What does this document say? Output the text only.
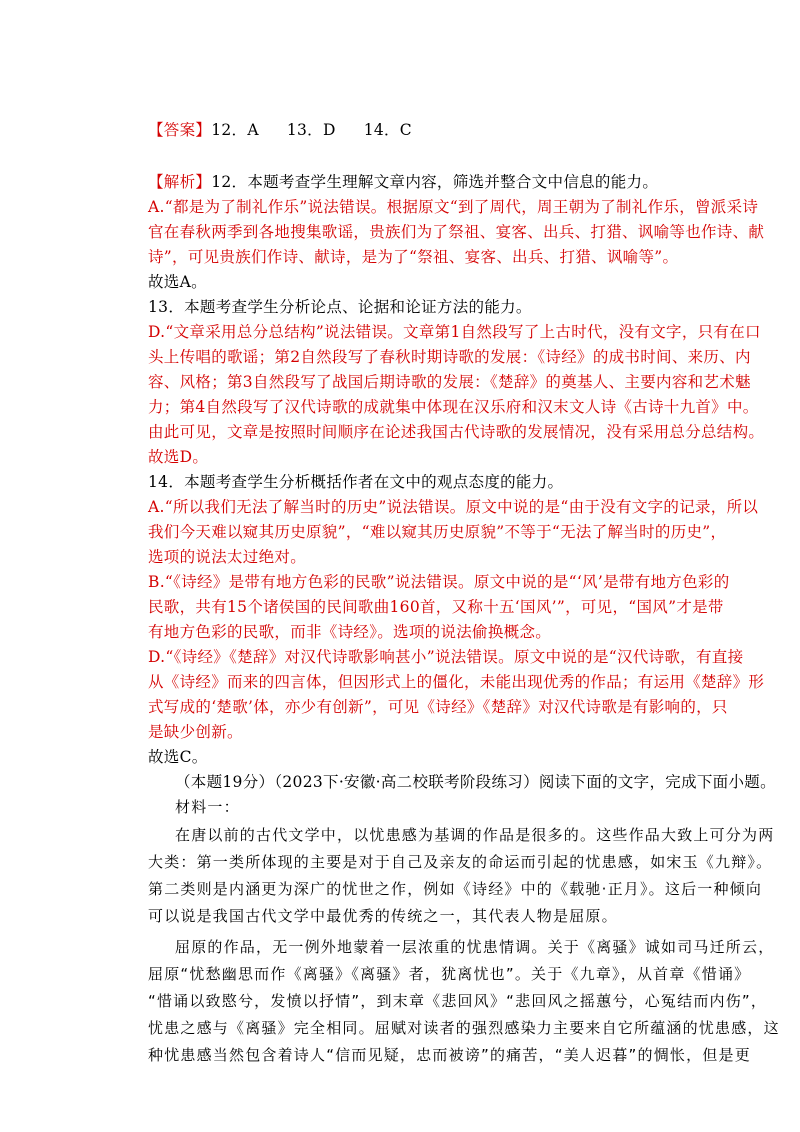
【答案】12．A 13．D 14．C
【解析】12．本题考查学生理解文章内容，筛选并整合文中信息的能力。
A.“都是为了制礼作乐”说法错误。根据原文“到了周代，周王朝为了制礼作乐，曾派采诗
官在春秋两季到各地搜集歌谣，贵族们为了祭祖、宴客、出兵、打猎、讽喻等也作诗、献
诗”，可见贵族们作诗、献诗，是为了“祭祖、宴客、出兵、打猎、讽喻等”。
故选A。
13．本题考查学生分析论点、论据和论证方法的能力。
D.“文章采用总分总结构”说法错误。文章第1自然段写了上古时代，没有文字，只有在口
头上传唱的歌谣；第2自然段写了春秋时期诗歌的发展：《诗经》的成书时间、来历、内
容、风格；第3自然段写了战国后期诗歌的发展：《楚辞》的奠基人、主要内容和艺术魅
力；第4自然段写了汉代诗歌的成就集中体现在汉乐府和汉末文人诗《古诗十九首》中。
由此可见，文章是按照时间顺序在论述我国古代诗歌的发展情况，没有采用总分总结构。
故选D。
14．本题考查学生分析概括作者在文中的观点态度的能力。
A.“所以我们无法了解当时的历史”说法错误。原文中说的是“由于没有文字的记录，所以
我们今天难以窥其历史原貌”，“难以窥其历史原貌”不等于“无法了解当时的历史”，
选项的说法太过绝对。
B.“《诗经》是带有地方色彩的民歌”说法错误。原文中说的是“‘风’是带有地方色彩的
民歌，共有15个诸侯国的民间歌曲160首，又称十五‘国风’”，可见，“国风”才是带
有地方色彩的民歌，而非《诗经》。选项的说法偷换概念。
D.“《诗经》《楚辞》对汉代诗歌影响甚小”说法错误。原文中说的是“汉代诗歌，有直接
从《诗经》而来的四言体，但因形式上的僵化，未能出现优秀的作品；有运用《楚辞》形
式写成的‘楚歌’体，亦少有创新”，可见《诗经》《楚辞》对汉代诗歌是有影响的，只
是缺少创新。
故选C。
（本题19分）（2023下·安徽·高二校联考阶段练习）阅读下面的文字，完成下面小题。
材料一：
在唐以前的古代文学中，以忧患感为基调的作品是很多的。这些作品大致上可分为两
大类：第一类所体现的主要是对于自己及亲友的命运而引起的忧患感，如宋玉《九辩》。
第二类则是内涵更为深广的忧世之作，例如《诗经》中的《载驰·正月》。这后一种倾向
可以说是我国古代文学中最优秀的传统之一，其代表人物是屈原。
屈原的作品，无一例外地蒙着一层浓重的忧患情调。关于《离骚》诚如司马迁所云，
屈原“忧愁幽思而作《离骚》《离骚》者，犹离忧也”。关于《九章》，从首章《惜诵》
“惜诵以致愍兮，发愤以抒情”，到末章《悲回风》“悲回风之摇蕙兮，心冤结而内伤”，
忧患之感与《离骚》完全相同。屈赋对读者的强烈感染力主要来自它所蕴涵的忧患感，这
种忧患感当然包含着诗人“信而见疑，忠而被谤”的痛苦，“美人迟暮”的惆怅，但是更
